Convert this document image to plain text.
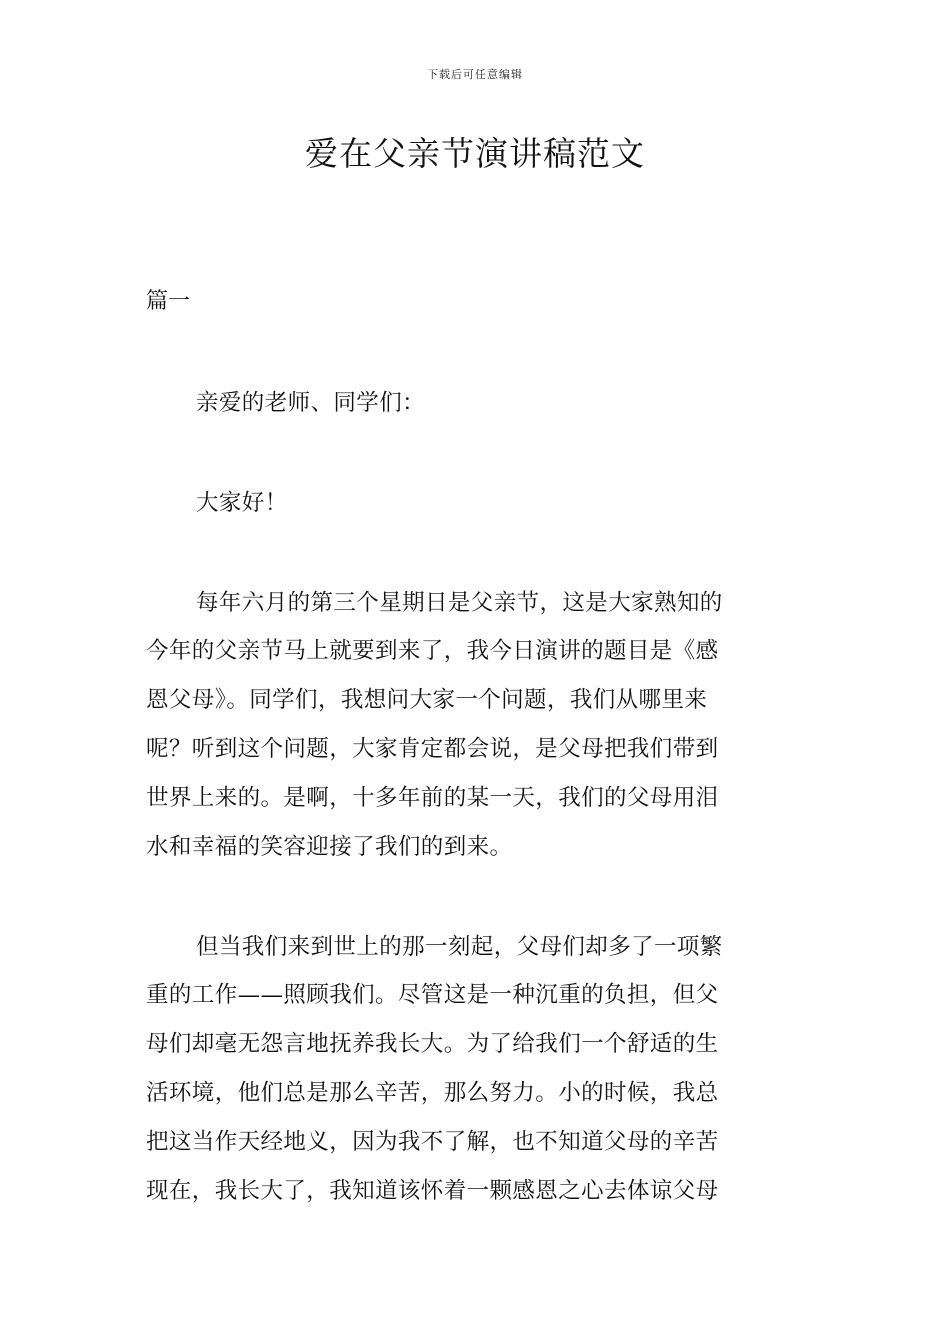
下载后可任意编辑
爱在父亲节演讲稿范文
篇一
亲爱的老师、同学们：
大家好！
每年六月的第三个星期日是父亲节，这是大家熟知的
今年的父亲节马上就要到来了，我今日演讲的题目是《感
恩父母》。同学们，我想问大家一个问题，我们从哪里来
呢？听到这个问题，大家肯定都会说，是父母把我们带到
世界上来的。是啊，十多年前的某一天，我们的父母用泪
水和幸福的笑容迎接了我们的到来。
但当我们来到世上的那一刻起，父母们却多了一项繁
重的工作——照顾我们。尽管这是一种沉重的负担，但父
母们却毫无怨言地抚养我长大。为了给我们一个舒适的生
活环境，他们总是那么辛苦，那么努力。小的时候，我总
把这当作天经地义，因为我不了解，也不知道父母的辛苦
现在，我长大了，我知道该怀着一颗感恩之心去体谅父母
